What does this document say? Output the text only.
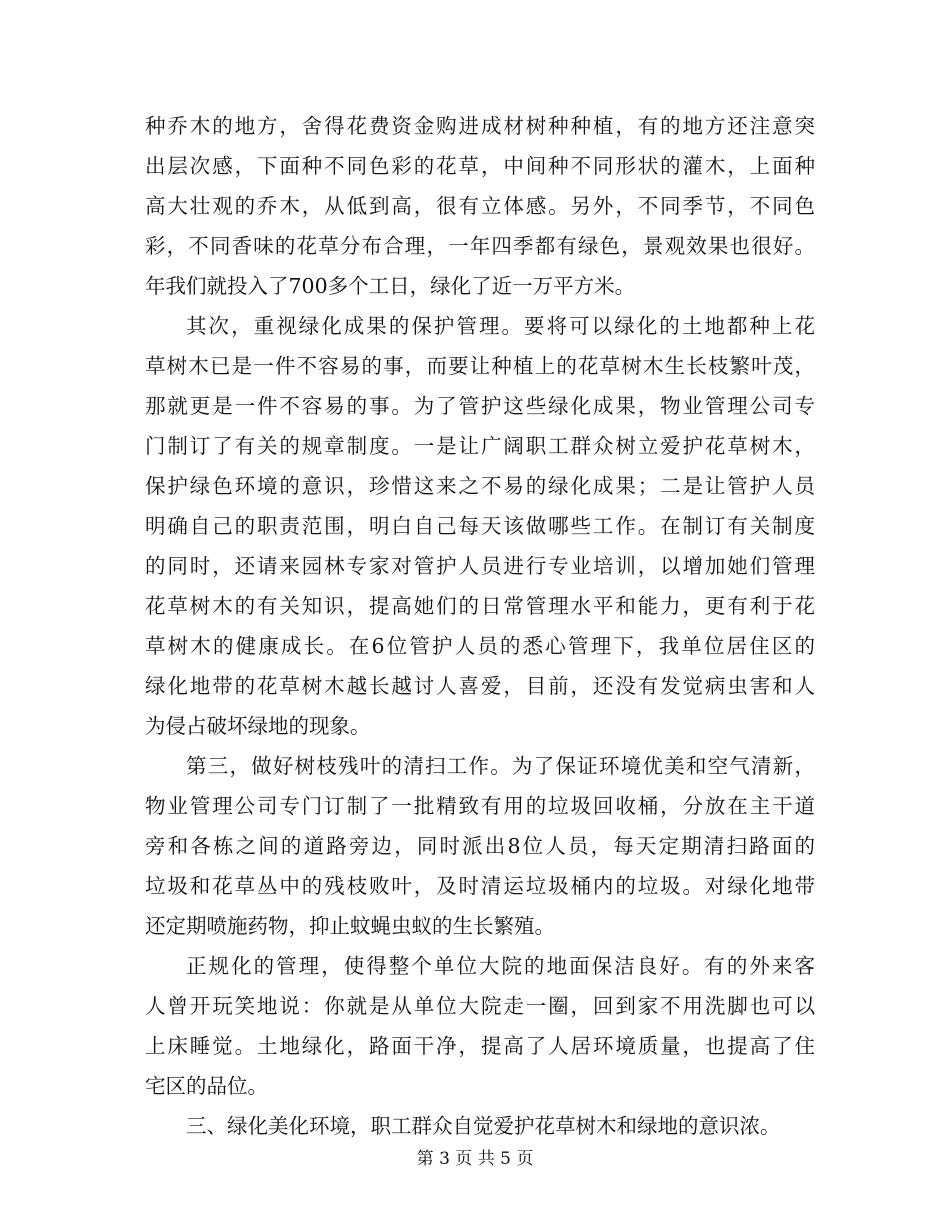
种乔木的地方，舍得花费资金购进成材树种种植，有的地方还注意突
出层次感，下面种不同色彩的花草，中间种不同形状的灌木，上面种
高大壮观的乔木，从低到高，很有立体感。另外，不同季节，不同色
彩，不同香味的花草分布合理，一年四季都有绿色，景观效果也很好。
年我们就投入了700多个工日，绿化了近一万平方米。
其次，重视绿化成果的保护管理。要将可以绿化的土地都种上花
草树木已是一件不容易的事，而要让种植上的花草树木生长枝繁叶茂，
那就更是一件不容易的事。为了管护这些绿化成果，物业管理公司专
门制订了有关的规章制度。一是让广阔职工群众树立爱护花草树木，
保护绿色环境的意识，珍惜这来之不易的绿化成果；二是让管护人员
明确自己的职责范围，明白自己每天该做哪些工作。在制订有关制度
的同时，还请来园林专家对管护人员进行专业培训，以增加她们管理
花草树木的有关知识，提高她们的日常管理水平和能力，更有利于花
草树木的健康成长。在6位管护人员的悉心管理下，我单位居住区的
绿化地带的花草树木越长越讨人喜爱，目前，还没有发觉病虫害和人
为侵占破坏绿地的现象。
第三，做好树枝残叶的清扫工作。为了保证环境优美和空气清新，
物业管理公司专门订制了一批精致有用的垃圾回收桶，分放在主干道
旁和各栋之间的道路旁边，同时派出8位人员，每天定期清扫路面的
垃圾和花草丛中的残枝败叶，及时清运垃圾桶内的垃圾。对绿化地带
还定期喷施药物，抑止蚊蝇虫蚁的生长繁殖。
正规化的管理，使得整个单位大院的地面保洁良好。有的外来客
人曾开玩笑地说：你就是从单位大院走一圈，回到家不用洗脚也可以
上床睡觉。土地绿化，路面干净，提高了人居环境质量，也提高了住
宅区的品位。
三、绿化美化环境，职工群众自觉爱护花草树木和绿地的意识浓。
第 3 页 共 5 页
